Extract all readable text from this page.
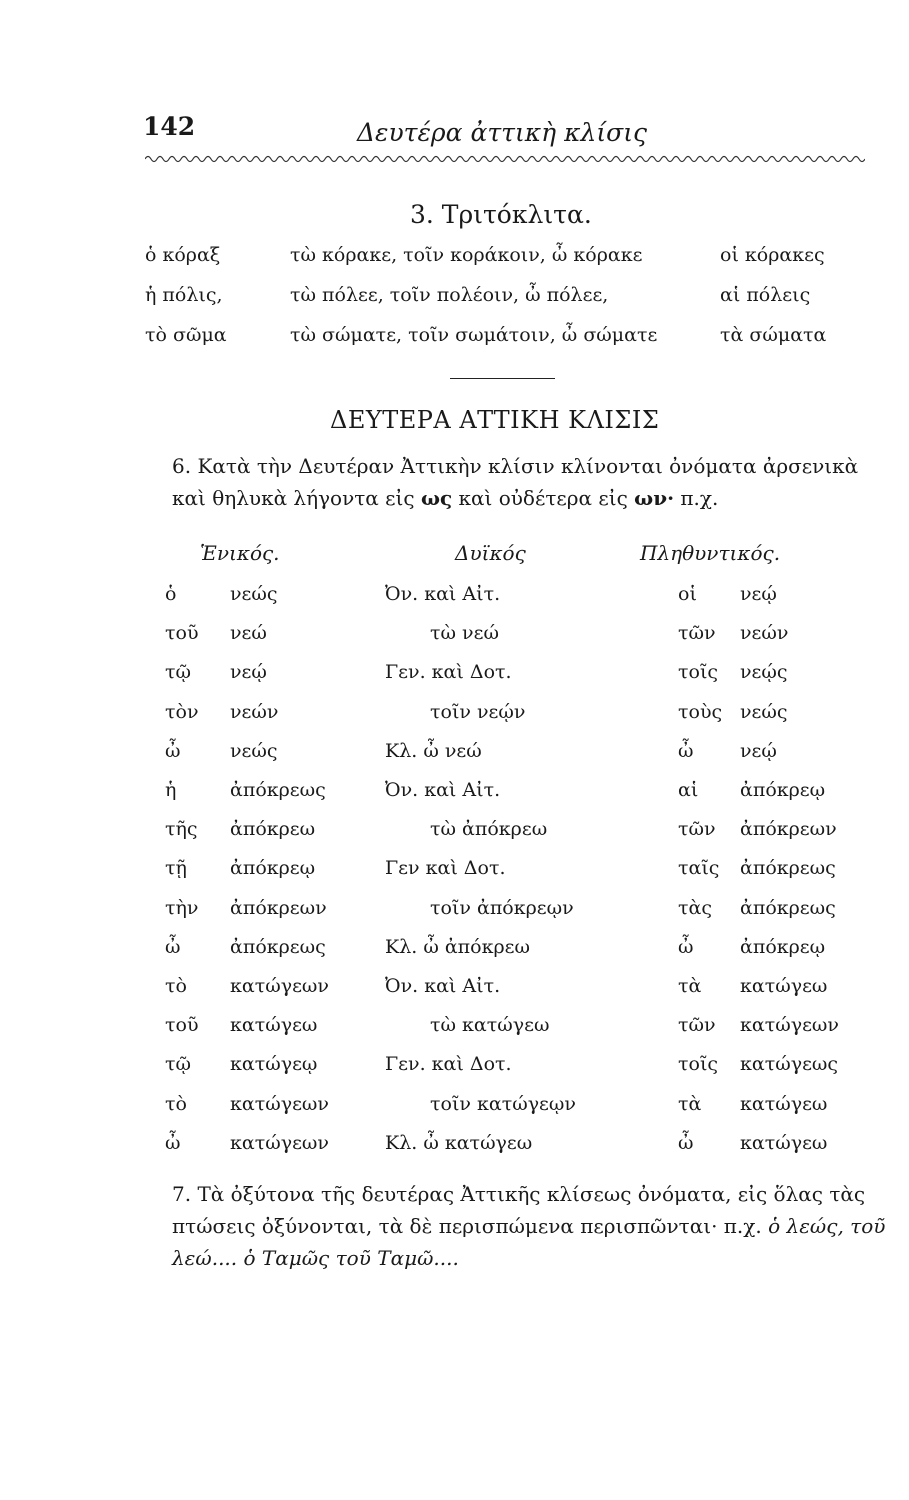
142	Δευτέρα ἀττικὴ κλίσις
3. Τριτόκλιτα.
ὁ κόραξ	τὼ κόρακε, τοῖν κοράκοιν, ὦ κόρακε	οἱ κόρακες
ἡ πόλις,	τὼ πόλεε, τοῖν πολέοιν, ὦ πόλεε,	αἱ πόλεις
τὸ σῶμα	τὼ σώματε, τοῖν σωμάτοιν, ὦ σώματε	τὰ σώματα
ΔΕΥΤΕΡΑ ΑΤΤΙΚΗ ΚΛΙΣΙΣ
6. Κατὰ τὴν Δευτέραν Ἀττικὴν κλίσιν κλίνονται ὀνόματα ἀρσενικὰ καὶ θηλυκὰ λήγοντα εἰς ως καὶ οὐδέτερα εἰς ων· π.χ.
Ἑνικός.	Δυϊκός	Πληθυντικός.
ὁ	νεώς	Ὀν. καὶ Αἰτ.	οἱ νεῴ
τοῦ νεώ	τὼ νεώ	τῶν νεών
τῷ νεῴ	Γεν. καὶ Δοτ.	τοῖς νεῴς
τὸν νεών	τοῖν νεῴν	τοὺς νεώς
ὦ	νεώς	Κλ. ὦ νεώ	ὦ νεῴ
ἡ	ἀπόκρεως	Ὀν. καὶ Αἰτ.	αἱ ἀπόκρεῳ
τῆς ἀπόκρεω	τὼ ἀπόκρεω	τῶν ἀπόκρεων
τῇ ἀπόκρεῳ	Γεν καὶ Δοτ.	ταῖς ἀπόκρεως
τὴν ἀπόκρεων	τοῖν ἀπόκρεῳν	τὰς ἀπόκρεως
ὦ	ἀπόκρεως	Κλ. ὦ ἀπόκρεω	ὦ ἀπόκρεῳ
τὸ κατώγεων	Ὀν. καὶ Αἰτ.	τὰ κατώγεω
τοῦ κατώγεω	τὼ κατώγεω	τῶν κατώγεων
τῷ κατώγεῳ	Γεν. καὶ Δοτ.	τοῖς κατώγεως
τὸ κατώγεων	τοῖν κατώγεῳν	τὰ κατώγεω
ὦ	κατώγεων	Κλ. ὦ κατώγεω	ὦ κατώγεω
7. Τὰ ὀξύτονα τῆς δευτέρας Ἀττικῆς κλίσεως ὀνόματα, εἰς ὅλας τὰς πτώσεις ὀξύνονται, τὰ δὲ περισπώμενα περισπῶνται· π.χ. ὁ λεώς, τοῦ λεώ.... ὁ Ταμῶς τοῦ Ταμῶ....
